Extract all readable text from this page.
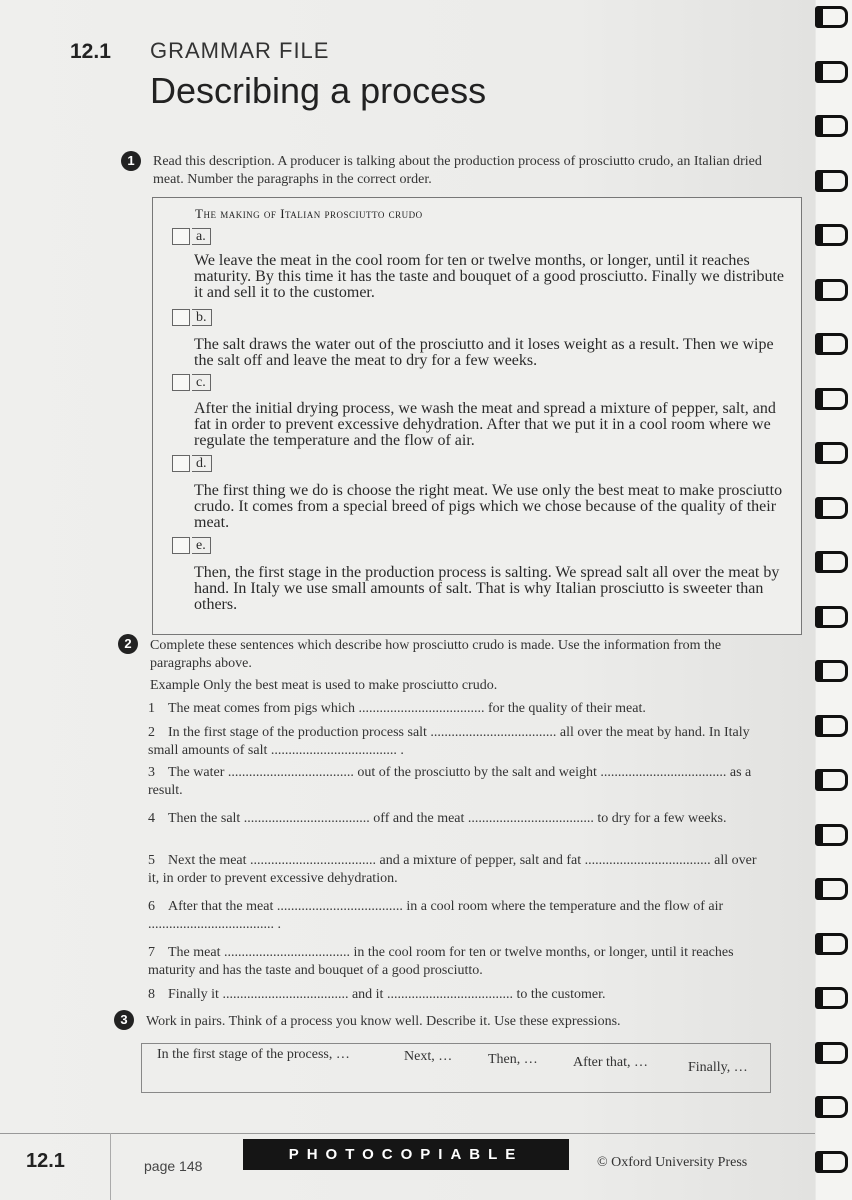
12.1 GRAMMAR FILE
Describing a process
1	Read this description. A producer is talking about the production process of prosciutto crudo, an Italian dried meat. Number the paragraphs in the correct order.
The making of Italian prosciutto crudo
a.
We leave the meat in the cool room for ten or twelve months, or longer, until it reaches maturity. By this time it has the taste and bouquet of a good prosciutto. Finally we distribute it and sell it to the customer.
b.
The salt draws the water out of the prosciutto and it loses weight as a result. Then we wipe the salt off and leave the meat to dry for a few weeks.
c.
After the initial drying process, we wash the meat and spread a mixture of pepper, salt, and fat in order to prevent excessive dehydration. After that we put it in a cool room where we regulate the temperature and the flow of air.
d.
The first thing we do is choose the right meat. We use only the best meat to make prosciutto crudo. It comes from a special breed of pigs which we chose because of the quality of their meat.
e.
Then, the first stage in the production process is salting. We spread salt all over the meat by hand. In Italy we use small amounts of salt. That is why Italian prosciutto is sweeter than others.
2	Complete these sentences which describe how prosciutto crudo is made. Use the information from the paragraphs above.
Example Only the best meat is used to make prosciutto crudo.
1 The meat comes from pigs which .................................... for the quality of their meat.
2 In the first stage of the production process salt .................................... all over the meat by hand. In Italy small amounts of salt .................................... .
3 The water .................................... out of the prosciutto by the salt and weight .................................... as a result.
4 Then the salt .................................... off and the meat .................................... to dry for a few weeks.
5 Next the meat .................................... and a mixture of pepper, salt and fat .................................... all over it, in order to prevent excessive dehydration.
6 After that the meat .................................... in a cool room where the temperature and the flow of air .................................... .
7 The meat .................................... in the cool room for ten or twelve months, or longer, until it reaches maturity and has the taste and bouquet of a good prosciutto.
8 Finally it .................................... and it .................................... to the customer.
3	Work in pairs. Think of a process you know well. Describe it. Use these expressions.
In the first stage of the process, …	Next, …	Then, …	After that, …	Finally, …
12.1	page 148
PHOTOCOPIABLE	© Oxford University Press
